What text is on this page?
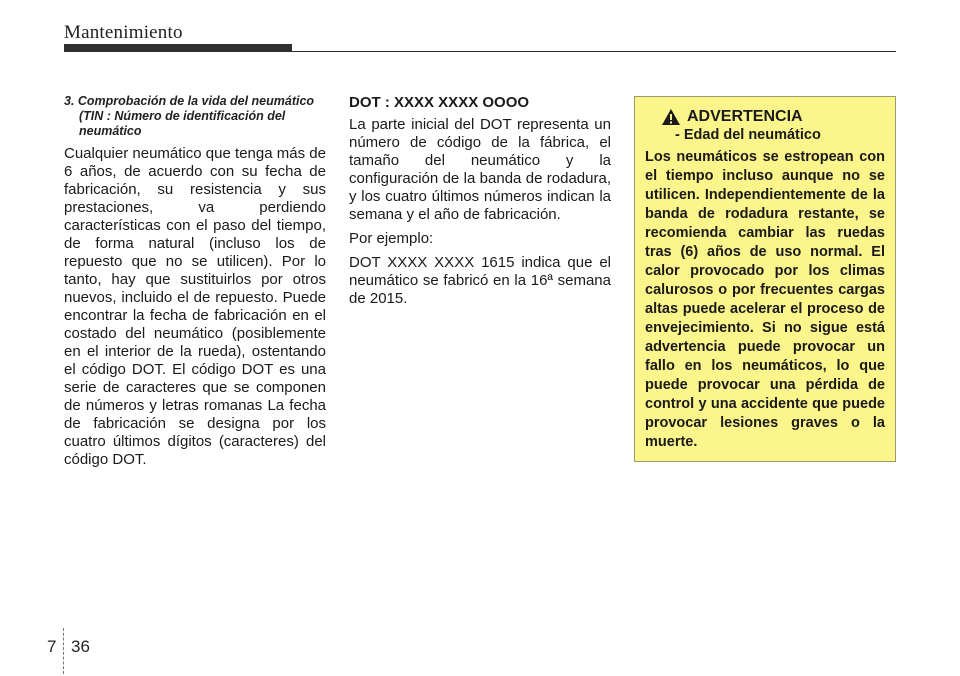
Mantenimiento

3. Comprobación de la vida del neumático (TIN : Número de identificación del neumático

Cualquier neumático que tenga más de 6 años, de acuerdo con su fecha de fabricación, su resistencia y sus prestaciones, va perdiendo características con el paso del tiempo, de forma natural (incluso los de repuesto que no se utilicen). Por lo tanto, hay que sustituirlos por otros nuevos, incluido el de repuesto. Puede encontrar la fecha de fabricación en el costado del neumático (posiblemente en el interior de la rueda), ostentando el código DOT. El código DOT es una serie de caracteres que se componen de números y letras romanas La fecha de fabricación se designa por los cuatro últimos dígitos (caracteres) del código DOT.

DOT : XXXX XXXX OOOO

La parte inicial del DOT representa un número de código de la fábrica, el tamaño del neumático y la configuración de la banda de rodadura, y los cuatro últimos números indican la semana y el año de fabricación.

Por ejemplo:

DOT XXXX XXXX 1615 indica que el neumático se fabricó en la 16ª semana de 2015.

ADVERTENCIA
- Edad del neumático

Los neumáticos se estropean con el tiempo incluso aunque no se utilicen. Independientemente de la banda de rodadura restante, se recomienda cambiar las ruedas tras (6) años de uso normal. El calor provocado por los climas calurosos o por frecuentes cargas altas puede acelerar el proceso de envejecimiento. Si no sigue está advertencia puede provocar un fallo en los neumáticos, lo que puede provocar una pérdida de control y una accidente que puede provocar lesiones graves o la muerte.

7 36
